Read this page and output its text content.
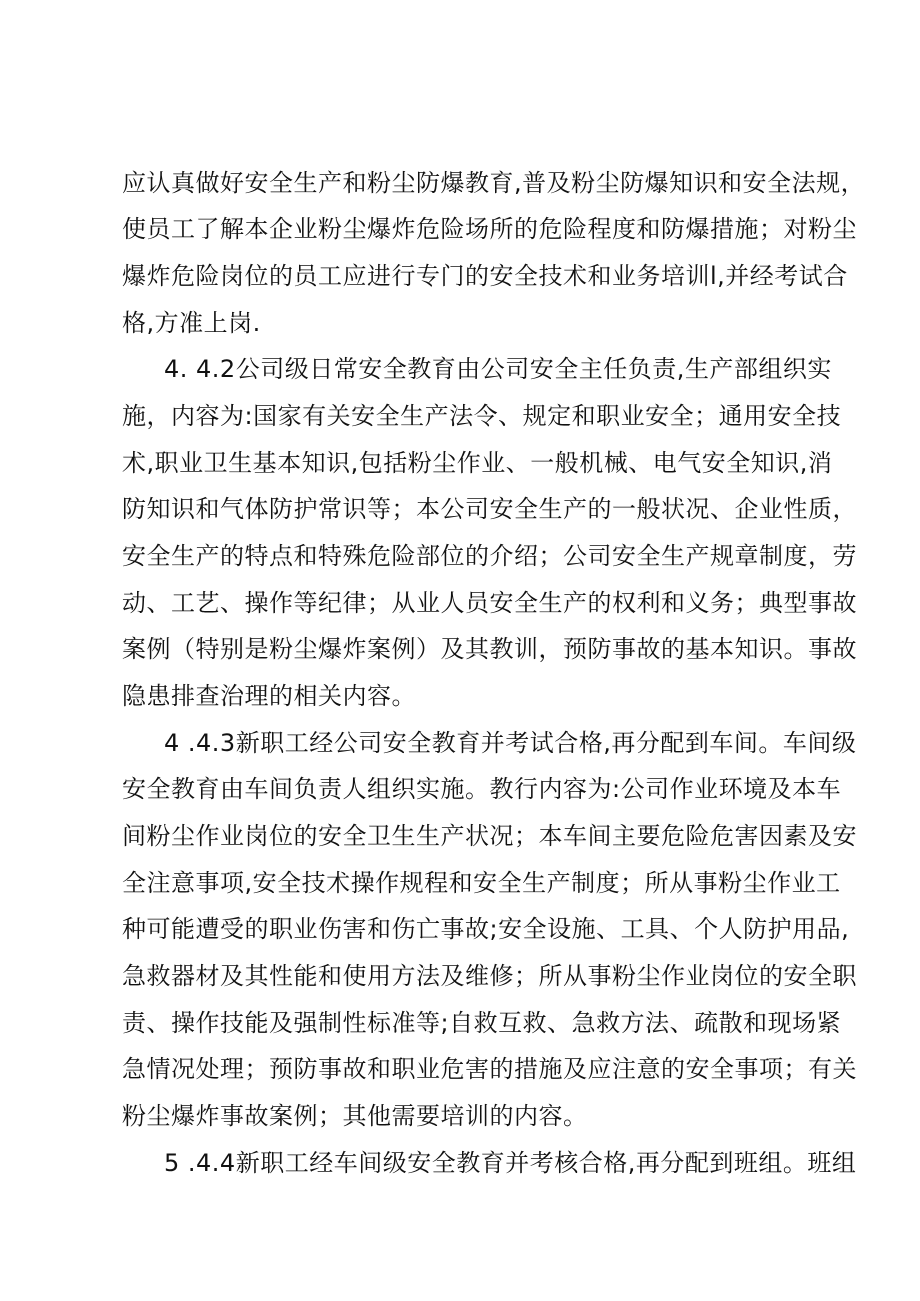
应认真做好安全生产和粉尘防爆教育,普及粉尘防爆知识和安全法规，
使员工了解本企业粉尘爆炸危险场所的危险程度和防爆措施；对粉尘
爆炸危险岗位的员工应进行专门的安全技术和业务培训l,并经考试合
格,方准上岗.
4. 4.2公司级日常安全教育由公司安全主任负责,生产部组织实
施，内容为:国家有关安全生产法令、规定和职业安全；通用安全技
术,职业卫生基本知识,包括粉尘作业、一般机械、电气安全知识,消
防知识和气体防护常识等；本公司安全生产的一般状况、企业性质，
安全生产的特点和特殊危险部位的介绍；公司安全生产规章制度，劳
动、工艺、操作等纪律；从业人员安全生产的权利和义务；典型事故
案例（特别是粉尘爆炸案例）及其教训，预防事故的基本知识。事故
隐患排查治理的相关内容。
4 .4.3新职工经公司安全教育并考试合格,再分配到车间。车间级
安全教育由车间负责人组织实施。教行内容为:公司作业环境及本车
间粉尘作业岗位的安全卫生生产状况；本车间主要危险危害因素及安
全注意事项,安全技术操作规程和安全生产制度；所从事粉尘作业工
种可能遭受的职业伤害和伤亡事故;安全设施、工具、个人防护用品,
急救器材及其性能和使用方法及维修；所从事粉尘作业岗位的安全职
责、操作技能及强制性标准等;自救互救、急救方法、疏散和现场紧
急情况处理；预防事故和职业危害的措施及应注意的安全事项；有关
粉尘爆炸事故案例；其他需要培训的内容。
5 .4.4新职工经车间级安全教育并考核合格,再分配到班组。班组
